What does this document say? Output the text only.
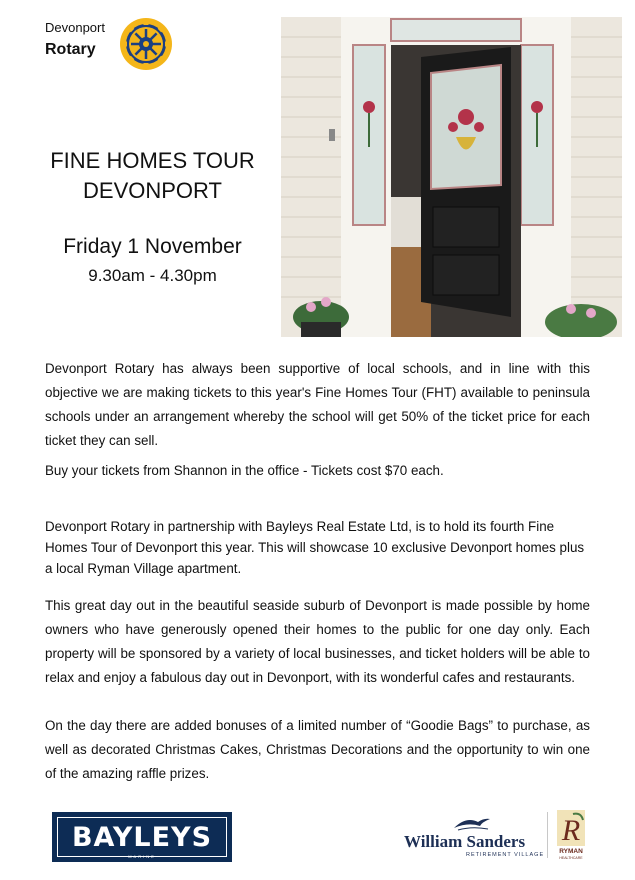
Devonport
Rotary
FINE HOMES TOUR
DEVONPORT
Friday 1 November
9.30am - 4.30pm

Devonport Rotary has always been supportive of local schools, and in line with this objective we are making tickets to this year's Fine Homes Tour (FHT) available to peninsula schools under an arrangement whereby the school will get 50% of the ticket price for each ticket they can sell.

Buy your tickets from Shannon in the office - Tickets cost $70 each.

Devonport Rotary in partnership with Bayleys Real Estate Ltd, is to hold its fourth Fine Homes Tour of Devonport this year. This will showcase 10 exclusive Devonport homes plus a local Ryman Village apartment.

This great day out in the beautiful seaside suburb of Devonport is made possible by home owners who have generously opened their homes to the public for one day only. Each property will be sponsored by a variety of local businesses, and ticket holders will be able to relax and enjoy a fabulous day out in Devonport, with its wonderful cafes and restaurants.

On the day there are added bonuses of a limited number of “Goodie Bags” to purchase, as well as decorated Christmas Cakes, Christmas Decorations and the opportunity to win one of the amazing raffle prizes.

BAYLEYS
MARINE
William Sanders
RETIREMENT VILLAGE
R
RYMAN
HEALTHCARE
